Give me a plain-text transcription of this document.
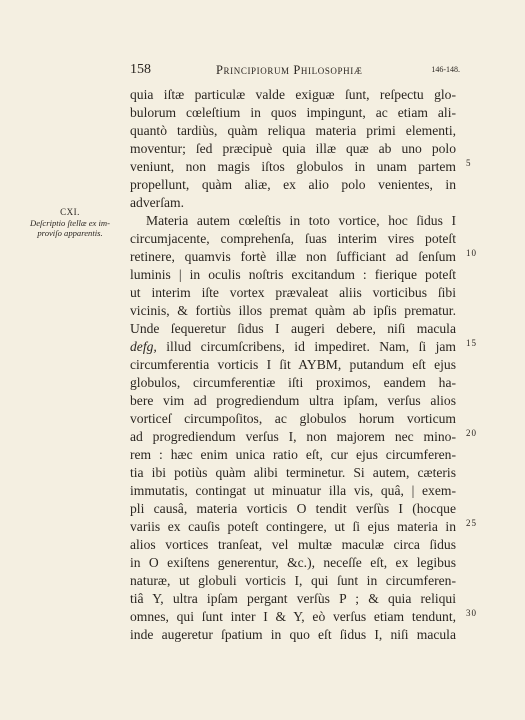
158	Principiorum Philosophiæ	146-148.
CXI.
Deſcriptio ſtellæ ex im-
proviſo apparentis.
quia iſtæ particulæ valde exiguæ ſunt, reſpectu glo-
bulorum cœleſtium in quos impingunt, ac etiam ali-
quantò tardiùs, quàm reliqua materia primi elementi,
moventur; ſed præcipuè quia illæ quæ ab uno polo
veniunt, non magis iſtos globulos in unam partem
propellunt, quàm aliæ, ex alio polo venientes, in
adverſam.
Materia autem cœleſtis in toto vortice, hoc ſidus I
circumjacente, comprehenſa, ſuas interim vires poteſt
retinere, quamvis fortè illæ non ſufficiant ad ſenſum
luminis | in oculis noſtris excitandum : fierique poteſt
ut interim iſte vortex prævaleat aliis vorticibus ſibi
vicinis, & fortiùs illos premat quàm ab ipſis prematur.
Unde ſequeretur ſidus I augeri debere, niſi macula
defg, illud circumſcribens, id impediret. Nam, ſi jam
circumferentia vorticis I ſit AYBM, putandum eſt ejus
globulos, circumferentiæ iſti proximos, eandem ha-
bere vim ad progrediendum ultra ipſam, verſus alios
vorticeſ circumpoſitos, ac globulos horum vorticum
ad progrediendum verſus I, non majorem nec mino-
rem : hæc enim unica ratio eſt, cur ejus circumferen-
tia ibi potiùs quàm alibi terminetur. Si autem, cæteris
immutatis, contingat ut minuatur illa vis, quâ, | exem-
pli causâ, materia vorticis O tendit verſùs I (hocque
variis ex cauſis poteſt contingere, ut ſi ejus materia in
alios vortices tranſeat, vel multæ maculæ circa ſidus
in O exiſtens generentur, &c.), neceſſe eſt, ex legibus
naturæ, ut globuli vorticis I, qui ſunt in circumferen-
tiâ Y, ultra ipſam pergant verſùs P ; & quia reliqui
omnes, qui ſunt inter I & Y, eò verſus etiam tendunt,
inde augeretur ſpatium in quo eſt ſidus I, niſi macula
5
10
15
20
25
30
